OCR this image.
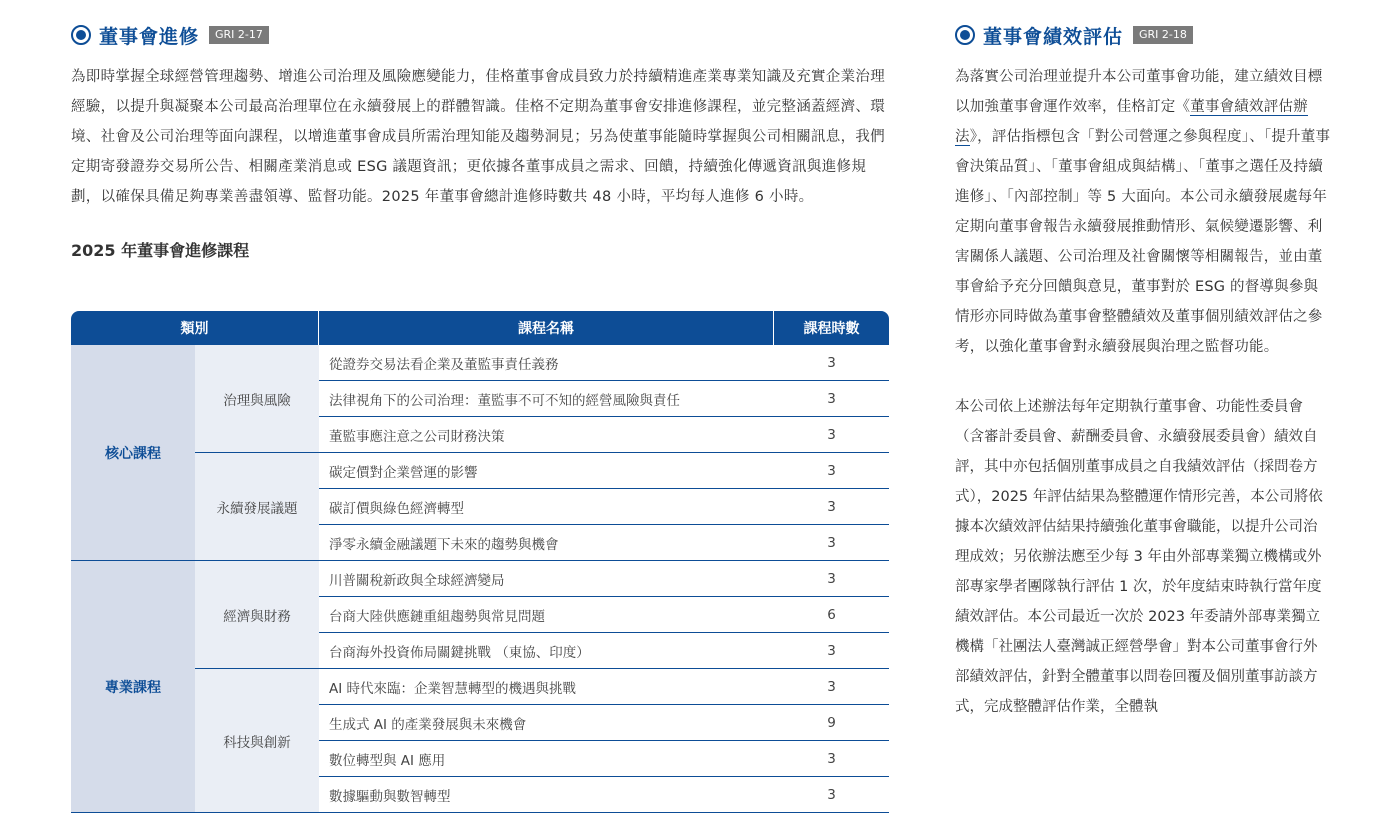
董事會進修	GRI 2-17

為即時掌握全球經營管理趨勢、增進公司治理及風險應變能力，佳格董事會成員致力於持續精進產業專業知識及充實企業治理經驗，以提升與凝聚本公司最高治理單位在永續發展上的群體智識。佳格不定期為董事會安排進修課程，並完整涵蓋經濟、環境、社會及公司治理等面向課程，以增進董事會成員所需治理知能及趨勢洞見；另為使董事能隨時掌握與公司相關訊息，我們定期寄發證券交易所公告、相關產業消息或 ESG 議題資訊；更依據各董事成員之需求、回饋，持續強化傳遞資訊與進修規劃，以確保具備足夠專業善盡領導、監督功能。2025 年董事會總計進修時數共 48 小時，平均每人進修 6 小時。

2025 年董事會進修課程
類別		課程名稱	課程時數
核心課程	治理與風險	從證券交易法看企業及董監事責任義務	3
		法律視角下的公司治理：董監事不可不知的經營風險與責任	3
		董監事應注意之公司財務決策	3
	永續發展議題	碳定價對企業營運的影響	3
		碳訂價與綠色經濟轉型	3
		淨零永續金融議題下未來的趨勢與機會	3
專業課程	經濟與財務	川普關稅新政與全球經濟變局	3
		台商大陸供應鏈重組趨勢與常見問題	6
		台商海外投資佈局關鍵挑戰 （東協、印度）	3
	科技與創新	AI 時代來臨：企業智慧轉型的機遇與挑戰	3
		生成式 AI 的產業發展與未來機會	9
		數位轉型與 AI 應用	3
		數據驅動與數智轉型	3
董事會績效評估	GRI 2-18

為落實公司治理並提升本公司董事會功能，建立績效目標以加強董事會運作效率，佳格訂定《董事會績效評估辦法》，評估指標包含「對公司營運之參與程度」、「提升董事會決策品質」、「董事會組成與結構」、「董事之選任及持續進修」、「內部控制」等 5 大面向。本公司永續發展處每年定期向董事會報告永續發展推動情形、氣候變遷影響、利害關係人議題、公司治理及社會關懷等相關報告，並由董事會給予充分回饋與意見，董事對於 ESG 的督導與參與情形亦同時做為董事會整體績效及董事個別績效評估之參考，以強化董事會對永續發展與治理之監督功能。

本公司依上述辦法每年定期執行董事會、功能性委員會（含審計委員會、薪酬委員會、永續發展委員會）績效自評，其中亦包括個別董事成員之自我績效評估（採問卷方式），2025 年評估結果為整體運作情形完善，本公司將依據本次績效評估結果持續強化董事會職能，以提升公司治理成效；另依辦法應至少每 3 年由外部專業獨立機構或外部專家學者團隊執行評估 1 次，於年度結束時執行當年度績效評估。本公司最近一次於 2023 年委請外部專業獨立機構「社團法人臺灣誠正經營學會」對本公司董事會行外部績效評估，針對全體董事以問卷回覆及個別董事訪談方式，完成整體評估作業，全體執
